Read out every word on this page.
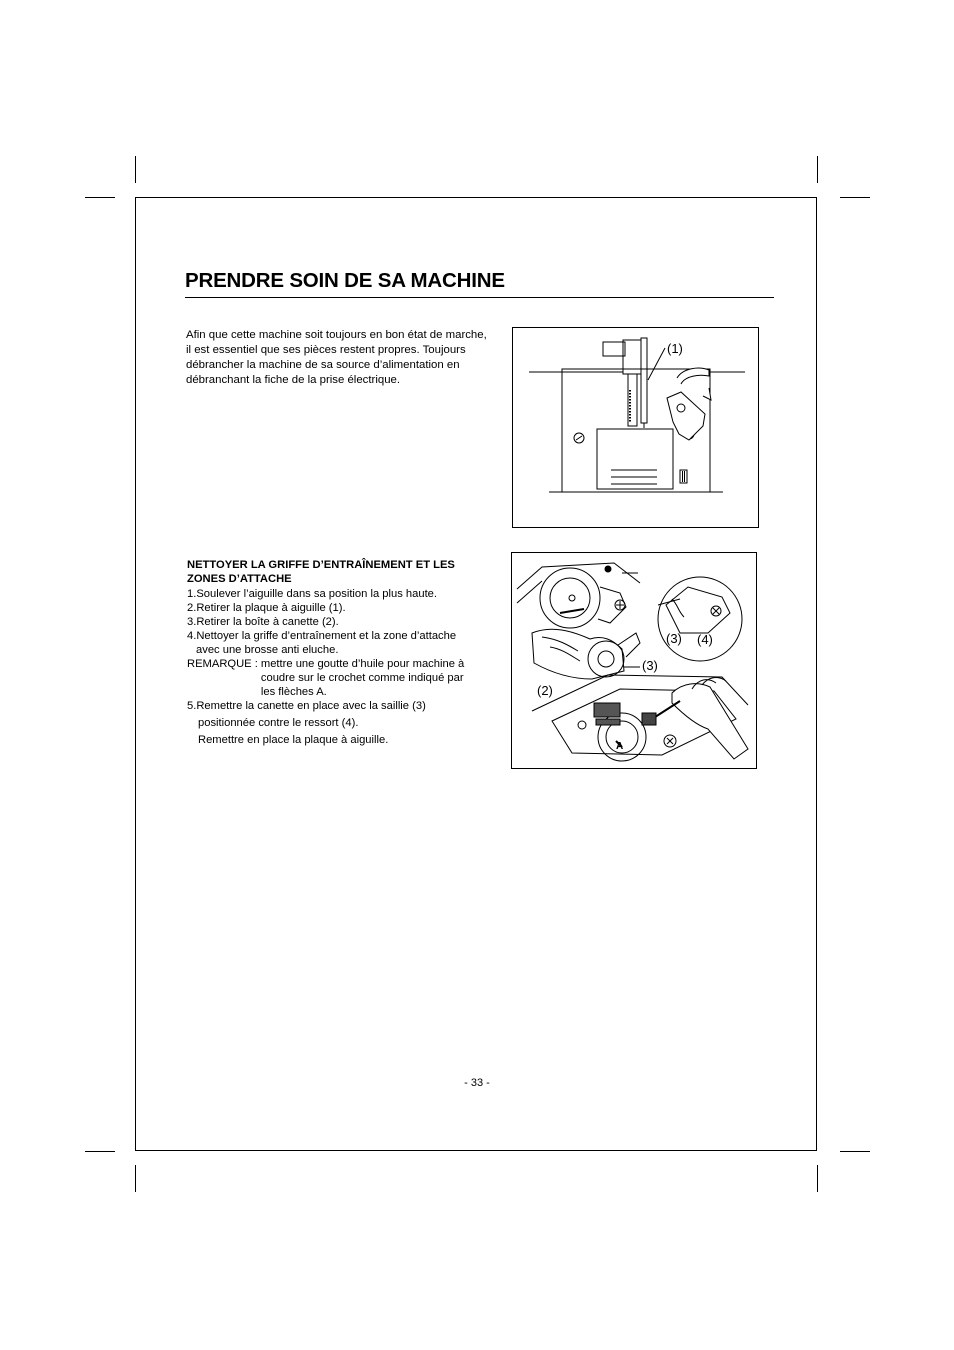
PRENDRE SOIN DE SA MACHINE

Afin que cette machine soit toujours en bon état de marche,
il est essentiel que ses pièces restent propres. Toujours
débrancher la machine de sa source d’alimentation en
débranchant la fiche de la prise électrique.

(1)
NETTOYER LA GRIFFE D’ENTRAÎNEMENT ET LES
ZONES D’ATTACHE
1.Soulever l’aiguille dans sa position la plus haute.
2.Retirer la plaque à aiguille (1).
3.Retirer la boîte à canette (2).
4.Nettoyer la griffe d’entraînement et la zone d’attache
avec une brosse anti eluche.
REMARQUE : mettre une goutte d’huile pour machine à
coudre sur le crochet comme indiqué par
les flèches A.
5.Remettre la canette en place avec la saillie (3)
positionnée contre le ressort (4).
Remettre en place la plaque à aiguille.
(3) (4)
(3)
(2)
A
- 33 -
